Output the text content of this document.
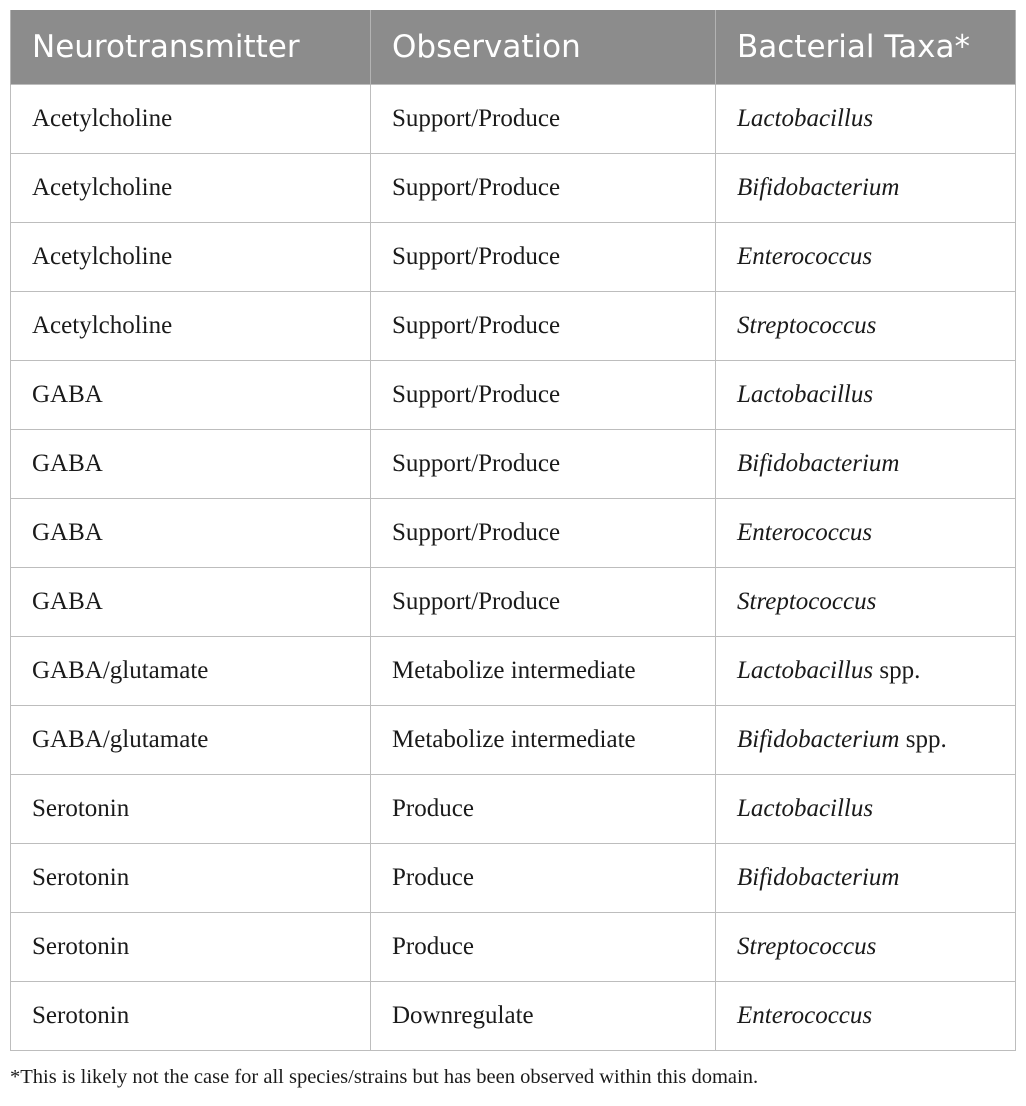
Neurotransmitter	Observation	Bacterial Taxa*
Acetylcholine	Support/Produce	Lactobacillus
Acetylcholine	Support/Produce	Bifidobacterium
Acetylcholine	Support/Produce	Enterococcus
Acetylcholine	Support/Produce	Streptococcus
GABA	Support/Produce	Lactobacillus
GABA	Support/Produce	Bifidobacterium
GABA	Support/Produce	Enterococcus
GABA	Support/Produce	Streptococcus
GABA/glutamate	Metabolize intermediate	Lactobacillus spp.
GABA/glutamate	Metabolize intermediate	Bifidobacterium spp.
Serotonin	Produce	Lactobacillus
Serotonin	Produce	Bifidobacterium
Serotonin	Produce	Streptococcus
Serotonin	Downregulate	Enterococcus
*This is likely not the case for all species/strains but has been observed within this domain.
